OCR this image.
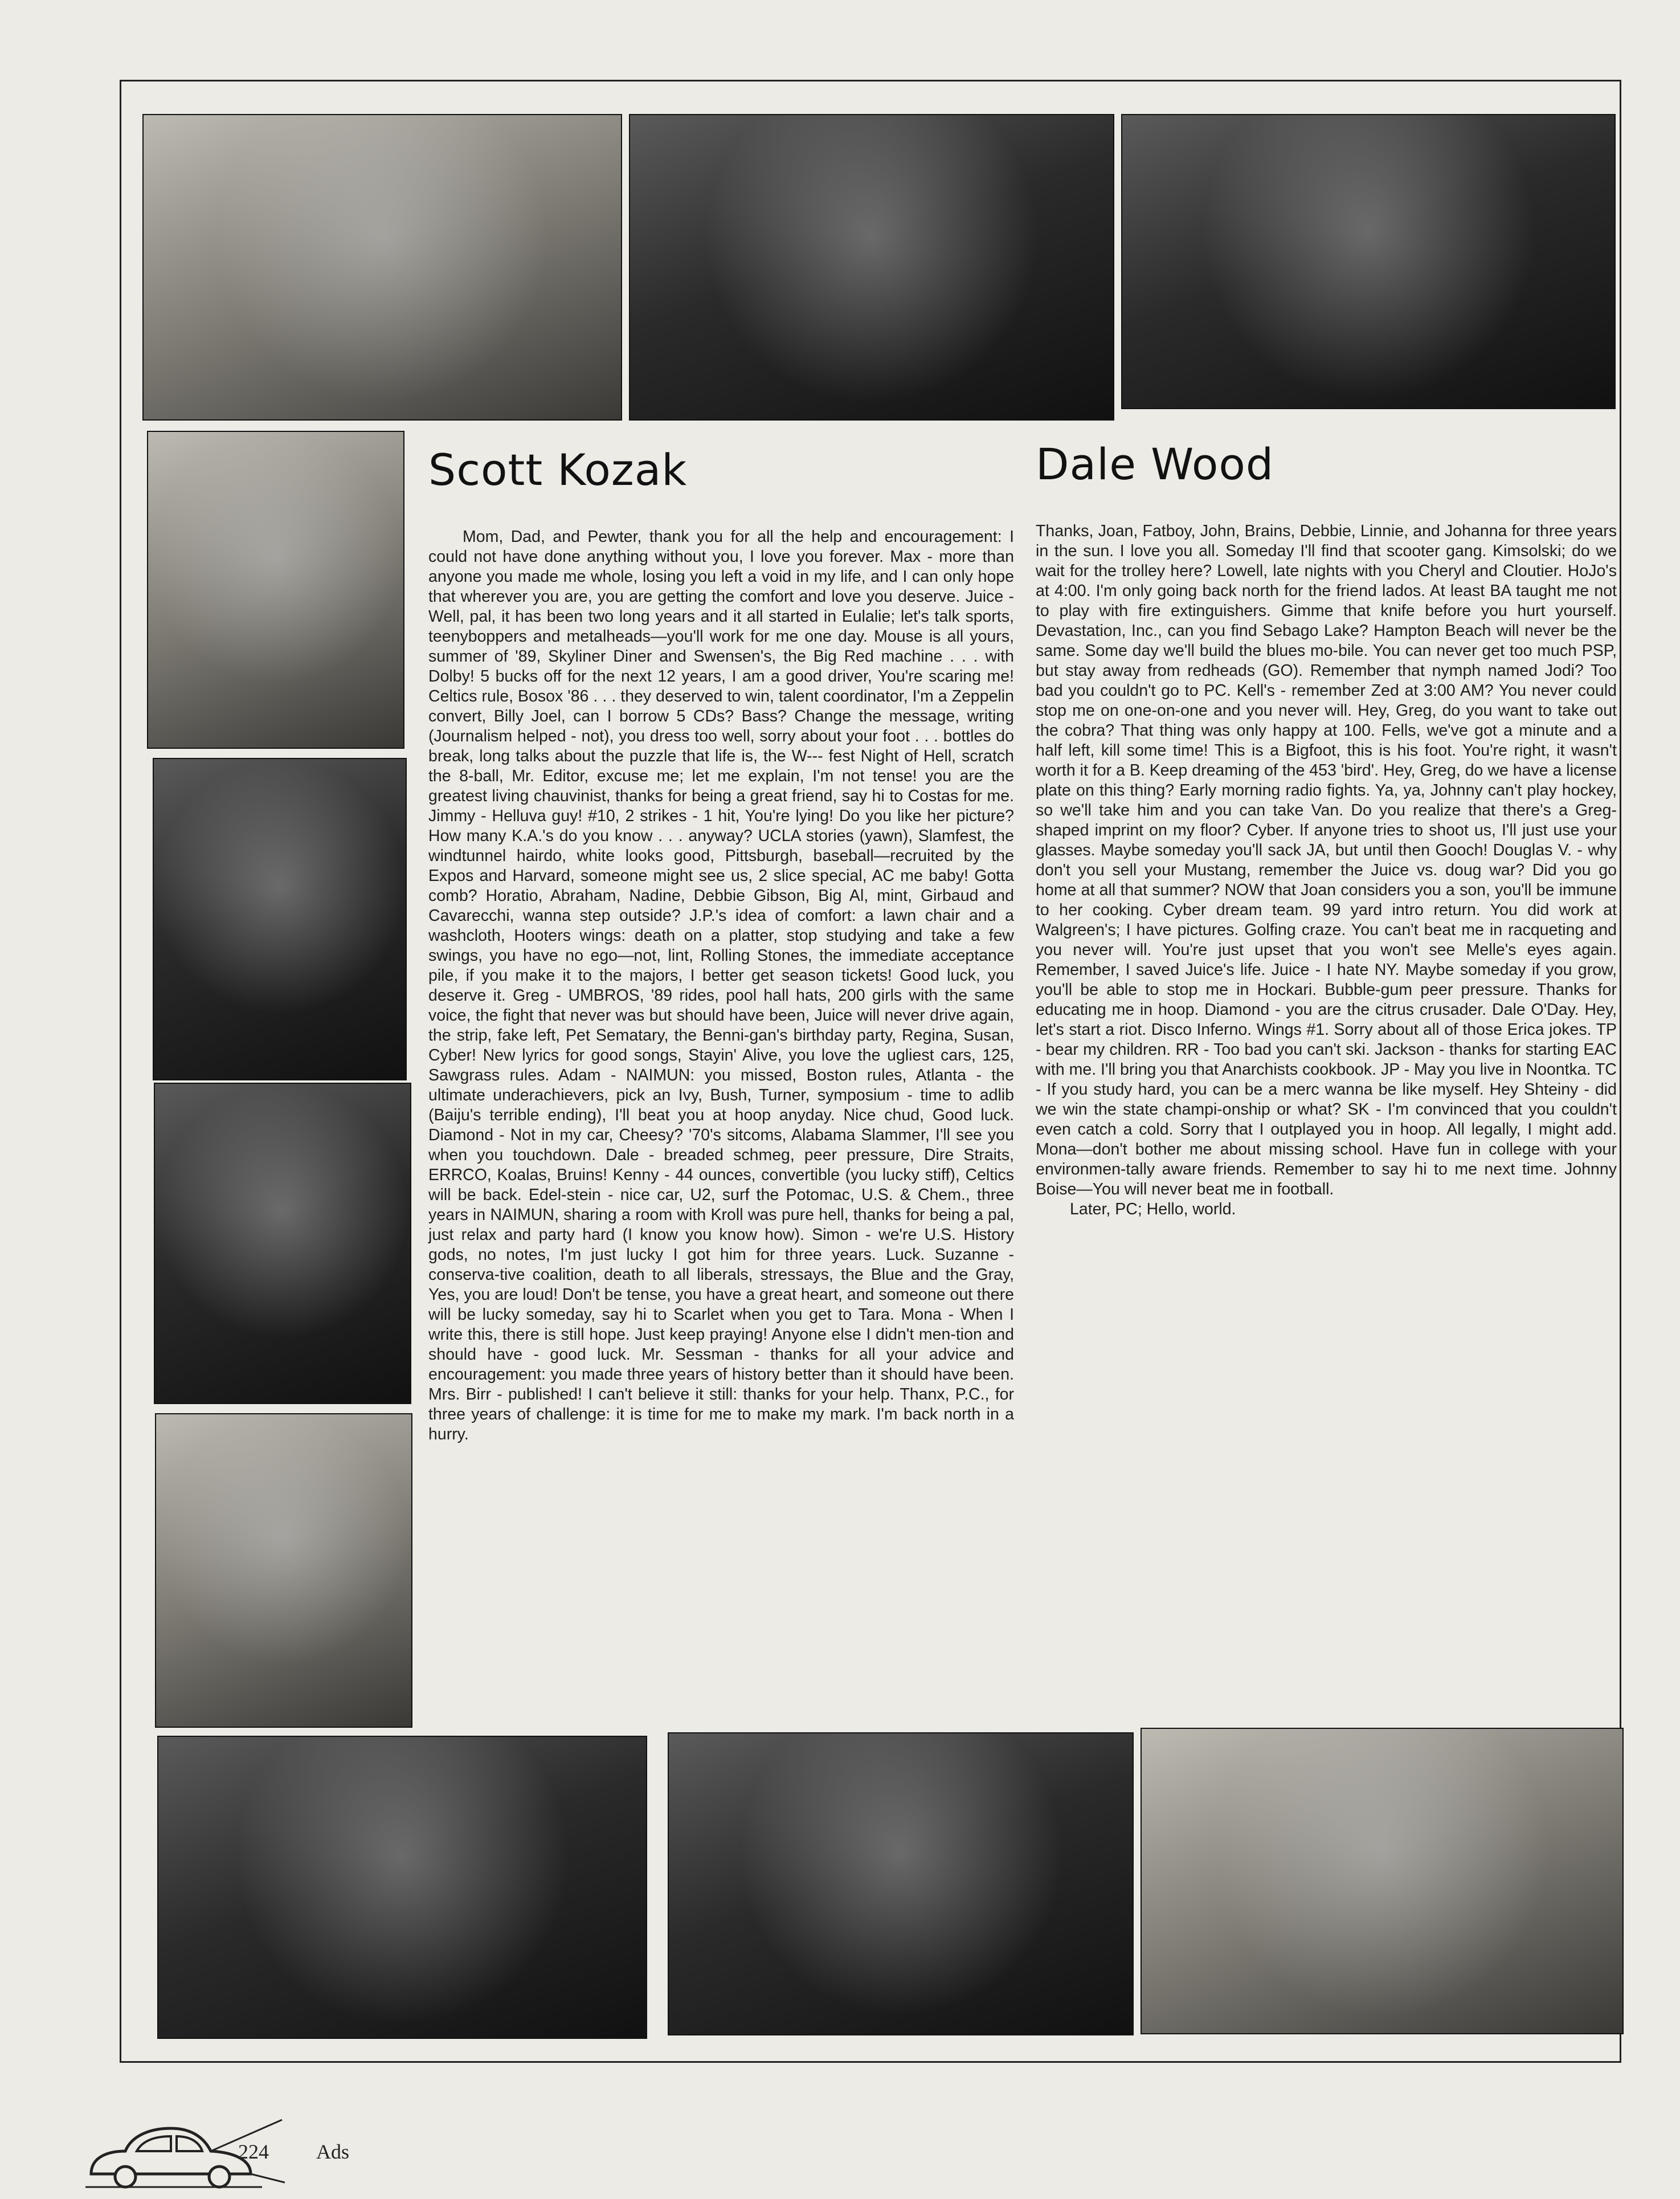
Scott Kozak	Dale Wood

Mom, Dad, and Pewter, thank you for all the help and encouragement: I could not have done anything without you, I love you forever. Max - more than anyone you made me whole, losing you left a void in my life, and I can only hope that wherever you are, you are getting the comfort and love you deserve. Juice - Well, pal, it has been two long years and it all started in Eulalie; let's talk sports, teenyboppers and metalheads—you'll work for me one day. Mouse is all yours, summer of '89, Skyliner Diner and Swensen's, the Big Red machine . . . with Dolby! 5 bucks off for the next 12 years, I am a good driver, You're scaring me! Celtics rule, Bosox '86 . . . they deserved to win, talent coordinator, I'm a Zeppelin convert, Billy Joel, can I borrow 5 CDs? Bass? Change the message, writing (Journalism helped - not), you dress too well, sorry about your foot . . . bottles do break, long talks about the puzzle that life is, the W--- fest Night of Hell, scratch the 8-ball, Mr. Editor, excuse me; let me explain, I'm not tense! you are the greatest living chauvinist, thanks for being a great friend, say hi to Costas for me. Jimmy - Helluva guy! #10, 2 strikes - 1 hit, You're lying! Do you like her picture? How many K.A.'s do you know . . . anyway? UCLA stories (yawn), Slamfest, the windtunnel hairdo, white looks good, Pittsburgh, baseball—recruited by the Expos and Harvard, someone might see us, 2 slice special, AC me baby! Gotta comb? Horatio, Abraham, Nadine, Debbie Gibson, Big Al, mint, Girbaud and Cavarecchi, wanna step outside? J.P.'s idea of comfort: a lawn chair and a washcloth, Hooters wings: death on a platter, stop studying and take a few swings, you have no ego—not, lint, Rolling Stones, the immediate acceptance pile, if you make it to the majors, I better get season tickets! Good luck, you deserve it. Greg - UMBROS, '89 rides, pool hall hats, 200 girls with the same voice, the fight that never was but should have been, Juice will never drive again, the strip, fake left, Pet Sematary, the Benni-gan's birthday party, Regina, Susan, Cyber! New lyrics for good songs, Stayin' Alive, you love the ugliest cars, 125, Sawgrass rules. Adam - NAIMUN: you missed, Boston rules, Atlanta - the ultimate underachievers, pick an Ivy, Bush, Turner, symposium - time to adlib (Baiju's terrible ending), I'll beat you at hoop anyday. Nice chud, Good luck. Diamond - Not in my car, Cheesy? '70's sitcoms, Alabama Slammer, I'll see you when you touchdown. Dale - breaded schmeg, peer pressure, Dire Straits, ERRCO, Koalas, Bruins! Kenny - 44 ounces, convertible (you lucky stiff), Celtics will be back. Edel-stein - nice car, U2, surf the Potomac, U.S. & Chem., three years in NAIMUN, sharing a room with Kroll was pure hell, thanks for being a pal, just relax and party hard (I know you know how). Simon - we're U.S. History gods, no notes, I'm just lucky I got him for three years. Luck. Suzanne - conserva-tive coalition, death to all liberals, stressays, the Blue and the Gray, Yes, you are loud! Don't be tense, you have a great heart, and someone out there will be lucky someday, say hi to Scarlet when you get to Tara. Mona - When I write this, there is still hope. Just keep praying! Anyone else I didn't men-tion and should have - good luck. Mr. Sessman - thanks for all your advice and encouragement: you made three years of history better than it should have been. Mrs. Birr - published! I can't believe it still: thanks for your help. Thanx, P.C., for three years of challenge: it is time for me to make my mark. I'm back north in a hurry.

Thanks, Joan, Fatboy, John, Brains, Debbie, Linnie, and Johanna for three years in the sun. I love you all. Someday I'll find that scooter gang. Kimsolski; do we wait for the trolley here? Lowell, late nights with you Cheryl and Cloutier. HoJo's at 4:00. I'm only going back north for the friend lados. At least BA taught me not to play with fire extinguishers. Gimme that knife before you hurt yourself. Devastation, Inc., can you find Sebago Lake? Hampton Beach will never be the same. Some day we'll build the blues mo-bile. You can never get too much PSP, but stay away from redheads (GO). Remember that nymph named Jodi? Too bad you couldn't go to PC. Kell's - remember Zed at 3:00 AM? You never could stop me on one-on-one and you never will. Hey, Greg, do you want to take out the cobra? That thing was only happy at 100. Fells, we've got a minute and a half left, kill some time! This is a Bigfoot, this is his foot. You're right, it wasn't worth it for a B. Keep dreaming of the 453 'bird'. Hey, Greg, do we have a license plate on this thing? Early morning radio fights. Ya, ya, Johnny can't play hockey, so we'll take him and you can take Van. Do you realize that there's a Greg-shaped imprint on my floor? Cyber. If anyone tries to shoot us, I'll just use your glasses. Maybe someday you'll sack JA, but until then Gooch! Douglas V. - why don't you sell your Mustang, remember the Juice vs. doug war? Did you go home at all that summer? NOW that Joan considers you a son, you'll be immune to her cooking. Cyber dream team. 99 yard intro return. You did work at Walgreen's; I have pictures. Golfing craze. You can't beat me in racqueting and you never will. You're just upset that you won't see Melle's eyes again. Remember, I saved Juice's life. Juice - I hate NY. Maybe someday if you grow, you'll be able to stop me in Hockari. Bubble-gum peer pressure. Thanks for educating me in hoop. Diamond - you are the citrus crusader. Dale O'Day. Hey, let's start a riot. Disco Inferno. Wings #1. Sorry about all of those Erica jokes. TP - bear my children. RR - Too bad you can't ski. Jackson - thanks for starting EAC with me. I'll bring you that Anarchists cookbook. JP - May you live in Noontka. TC - If you study hard, you can be a merc wanna be like myself. Hey Shteiny - did we win the state champi-onship or what? SK - I'm convinced that you couldn't even catch a cold. Sorry that I outplayed you in hoop. All legally, I might add. Mona—don't bother me about missing school. Have fun in college with your environmen-tally aware friends. Remember to say hi to me next time. Johnny Boise—You will never beat me in football.
Later, PC; Hello, world.

224 Ads
